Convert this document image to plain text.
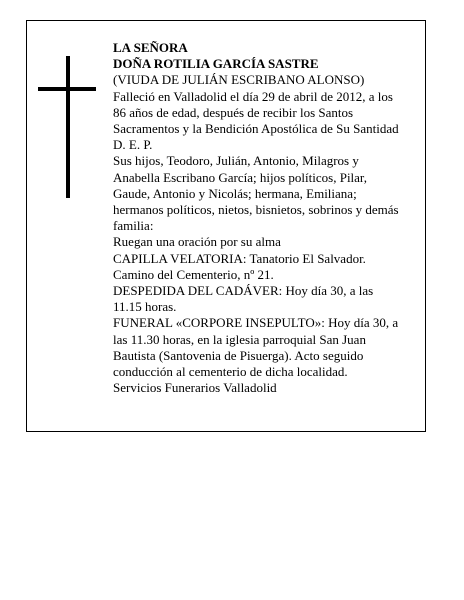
LA SEÑORA
DOÑA ROTILIA GARCÍA SASTRE
(VIUDA DE JULIÁN ESCRIBANO ALONSO)
Falleció en Valladolid el día 29 de abril de 2012, a los
86 años de edad, después de recibir los Santos
Sacramentos y la Bendición Apostólica de Su Santidad
D. E. P.
Sus hijos, Teodoro, Julián, Antonio, Milagros y
Anabella Escribano García; hijos políticos, Pilar,
Gaude, Antonio y Nicolás; hermana, Emiliana;
hermanos políticos, nietos, bisnietos, sobrinos y demás
familia:
Ruegan una oración por su alma
CAPILLA VELATORIA: Tanatorio El Salvador.
Camino del Cementerio, nº 21.
DESPEDIDA DEL CADÁVER: Hoy día 30, a las
11.15 horas.
FUNERAL «CORPORE INSEPULTO»: Hoy día 30, a
las 11.30 horas, en la iglesia parroquial San Juan
Bautista (Santovenia de Pisuerga). Acto seguido
conducción al cementerio de dicha localidad.
Servicios Funerarios Valladolid
